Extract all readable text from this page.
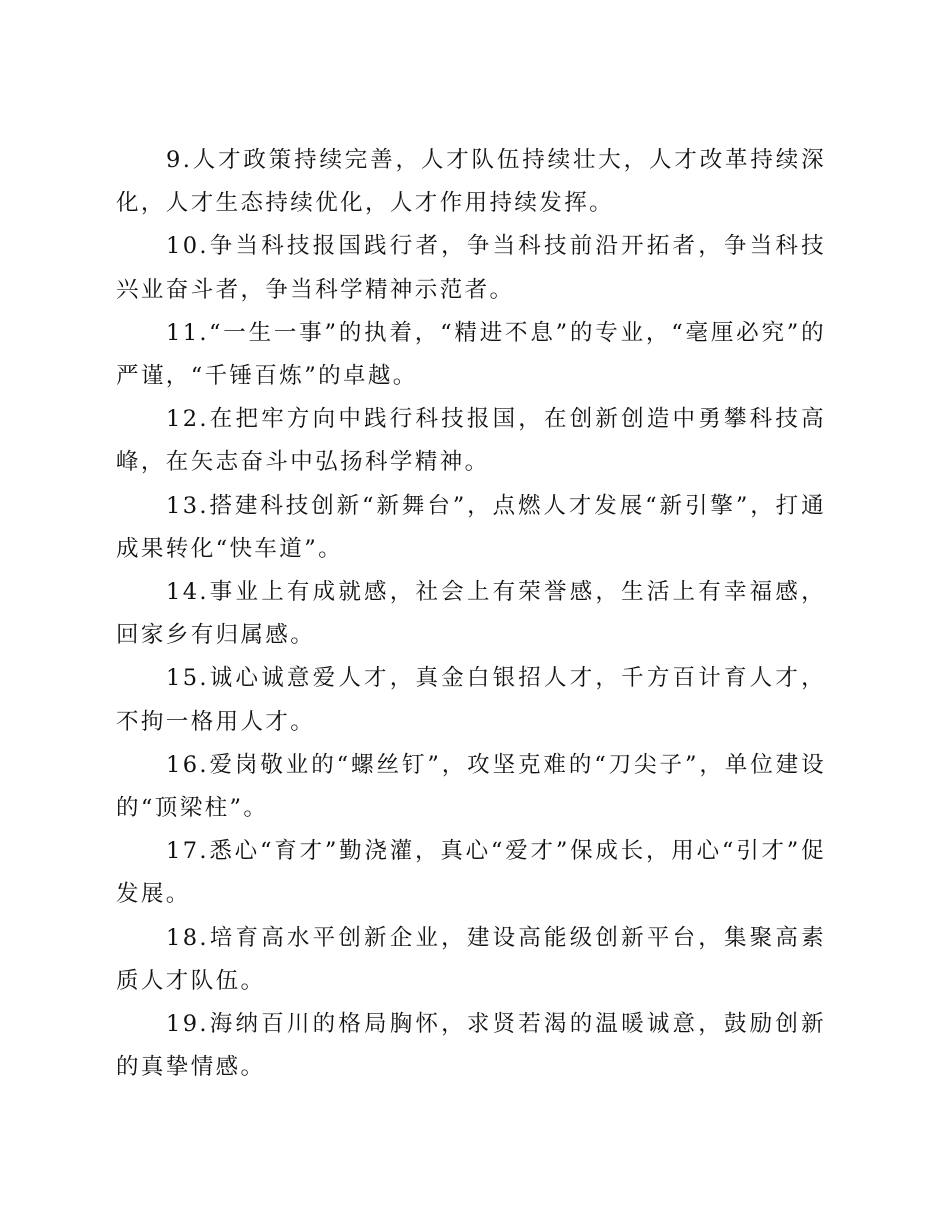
9.人才政策持续完善，人才队伍持续壮大，人才改革持续深化，人才生态持续优化，人才作用持续发挥。

10.争当科技报国践行者，争当科技前沿开拓者，争当科技兴业奋斗者，争当科学精神示范者。

11.“一生一事”的执着，“精进不息”的专业，“毫厘必究”的严谨，“千锤百炼”的卓越。

12.在把牢方向中践行科技报国，在创新创造中勇攀科技高峰，在矢志奋斗中弘扬科学精神。

13.搭建科技创新“新舞台”，点燃人才发展“新引擎”，打通成果转化“快车道”。

14.事业上有成就感，社会上有荣誉感，生活上有幸福感，回家乡有归属感。

15.诚心诚意爱人才，真金白银招人才，千方百计育人才，不拘一格用人才。

16.爱岗敬业的“螺丝钉”，攻坚克难的“刀尖子”，单位建设的“顶梁柱”。

17.悉心“育才”勤浇灌，真心“爱才”保成长，用心“引才”促发展。

18.培育高水平创新企业，建设高能级创新平台，集聚高素质人才队伍。

19.海纳百川的格局胸怀，求贤若渴的温暖诚意，鼓励创新的真挚情感。
